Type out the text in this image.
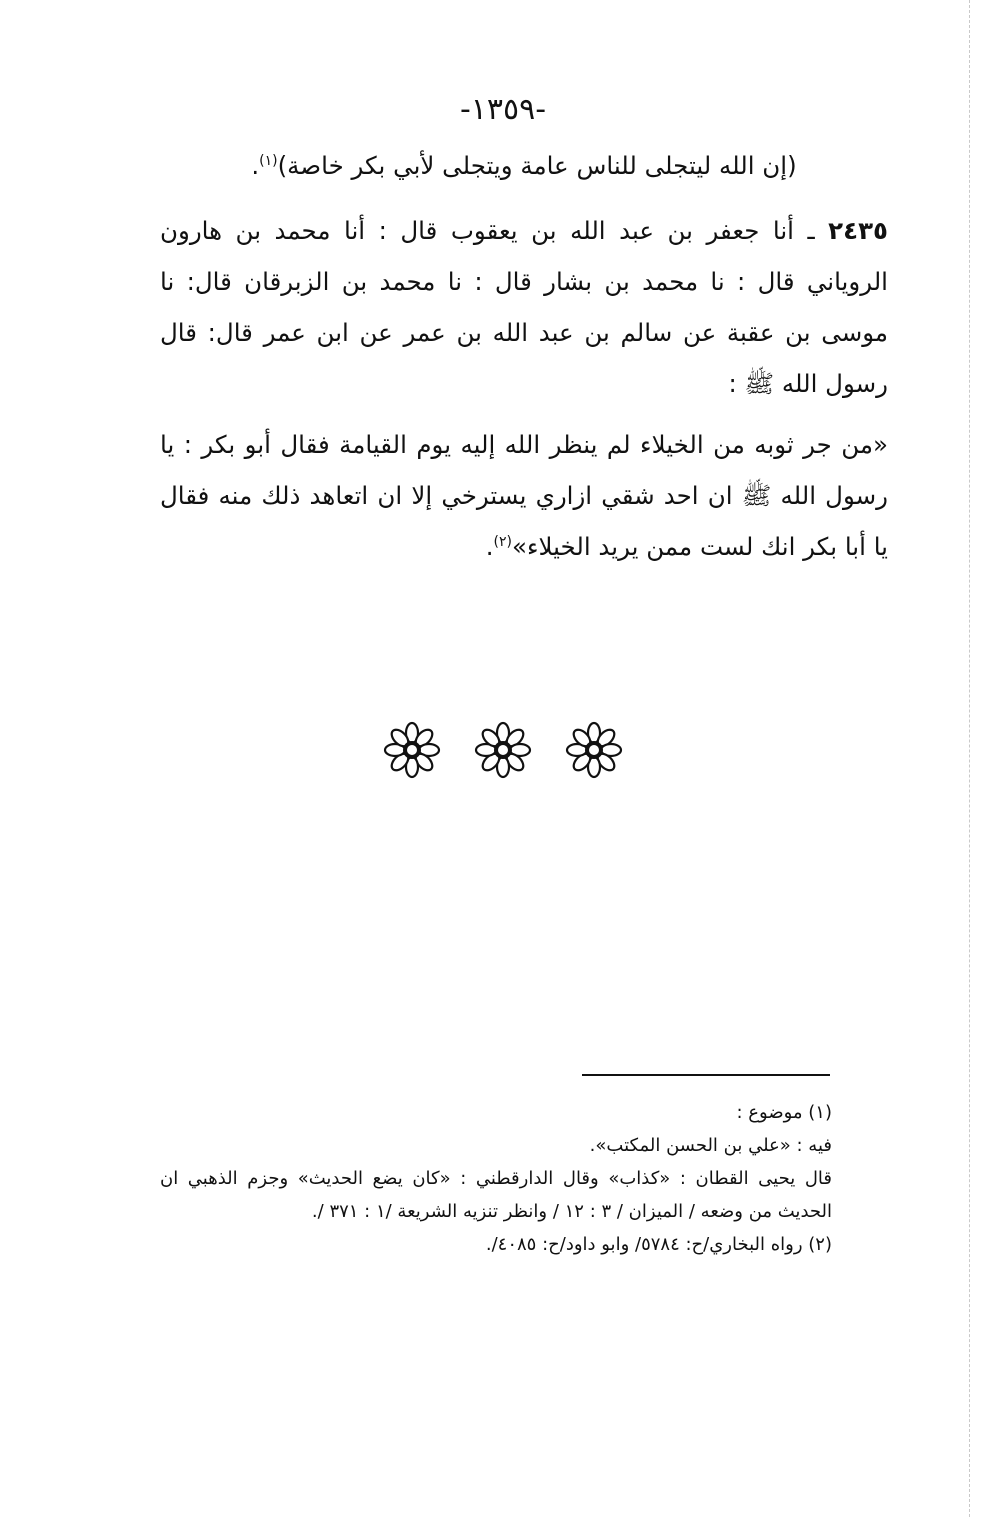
-١٣٥٩-

(إن الله ليتجلى للناس عامة ويتجلى لأبي بكر خاصة)$^{(١)}$.

٢٤٣٥ ـ أنا جعفر بن عبد الله بن يعقوب قال : أنا محمد بن هارون الروياني قال : نا محمد بن بشار قال : نا محمد بن الزبرقان قال: نا موسى بن عقبة عن سالم بن عبد الله بن عمر عن ابن عمر قال: قال رسول الله ﷺ :

«من جر ثوبه من الخيلاء لم ينظر الله إليه يوم القيامة فقال أبو بكر : يا رسول الله ﷺ ان احد شقي ازاري يسترخي إلا ان اتعاهد ذلك منه فقال يا أبا بكر انك لست ممن يريد الخيلاء»$^{(٢)}$.

(١) موضوع :

فيه : «علي بن الحسن المكتب».

قال يحيى القطان : «كذاب» وقال الدارقطني : «كان يضع الحديث» وجزم الذهبي ان الحديث من وضعه / الميزان / ٣ : ١٢ / وانظر تنزيه الشريعة /١ : ٣٧١ /.

(٢) رواه البخاري/ح: ٥٧٨٤/ وابو داود/ح: ٤٠٨٥/.
